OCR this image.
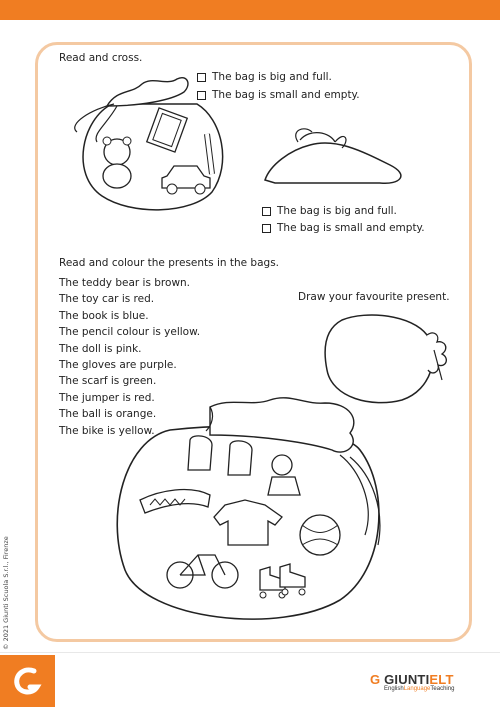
Read and cross.
The bag is big and full.
The bag is small and empty.
The bag is big and full.
The bag is small and empty.
Read and colour the presents in the bags.
The teddy bear is brown.
The toy car is red.
The book is blue.
The pencil colour is yellow.
The doll is pink.
The gloves are purple.
The scarf is green.
The jumper is red.
The ball is orange.
The bike is yellow.
Draw your favourite present.
© 2021 Giunti Scuola S.r.l., Firenze
G GIUNTIELT
EnglishLanguageTeaching
